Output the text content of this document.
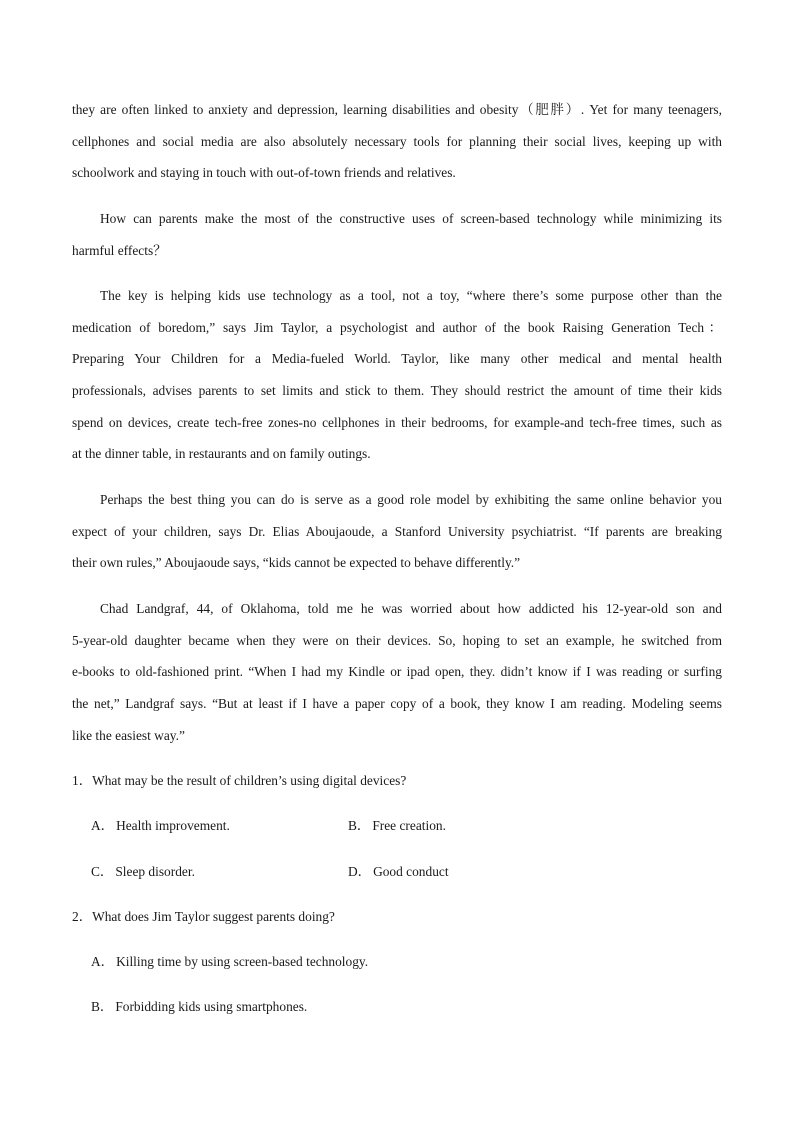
they are often linked to anxiety and depression, learning disabilities and obesity（肥胖）. Yet for many teenagers,
cellphones and social media are also absolutely necessary tools for planning their social lives, keeping up with
schoolwork and staying in touch with out-of-town friends and relatives.
How can parents make the most of the constructive uses of screen-based technology while minimizing its
harmful effects？
The key is helping kids use technology as a tool, not a toy, “where there’s some purpose other than the
medication of boredom,” says Jim Taylor, a psychologist and author of the book Raising Generation Tech：
Preparing Your Children for a Media-fueled World. Taylor, like many other medical and mental health
professionals, advises parents to set limits and stick to them. They should restrict the amount of time their kids
spend on devices, create tech-free zones-no cellphones in their bedrooms, for example-and tech-free times, such as
at the dinner table, in restaurants and on family outings.
Perhaps the best thing you can do is serve as a good role model by exhibiting the same online behavior you
expect of your children, says Dr. Elias Aboujaoude, a Stanford University psychiatrist. “If parents are breaking
their own rules,” Aboujaoude says, “kids cannot be expected to behave differently.”
Chad Landgraf, 44, of Oklahoma, told me he was worried about how addicted his 12-year-old son and
5-year-old daughter became when they were on their devices. So, hoping to set an example, he switched from
e-books to old-fashioned print. “When I had my Kindle or ipad open, they. didn’t know if I was reading or surfing
the net,” Landgraf says. “But at least if I have a paper copy of a book, they know I am reading. Modeling seems
like the easiest way.”

1．What may be the result of children’s using digital devices?

A． Health improvement.	B． Free creation.

C． Sleep disorder.	D． Good conduct

2．What does Jim Taylor suggest parents doing?

A． Killing time by using screen-based technology.

B． Forbidding kids using smartphones.
